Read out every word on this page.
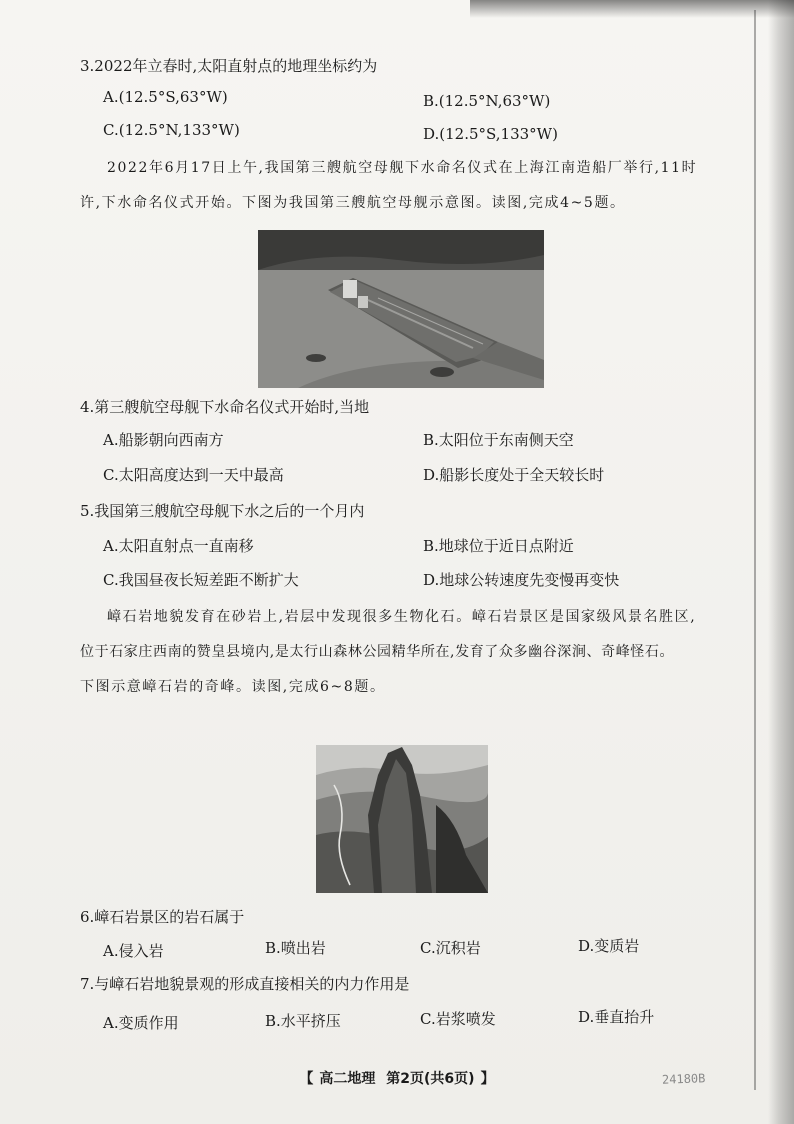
3.2022年立春时,太阳直射点的地理坐标约为
A.(12.5°S,63°W)	B.(12.5°N,63°W)
C.(12.5°N,133°W)	D.(12.5°S,133°W)
2022年6月17日上午,我国第三艘航空母舰下水命名仪式在上海江南造船厂举行,11时
许,下水命名仪式开始。下图为我国第三艘航空母舰示意图。读图,完成4~5题。
4.第三艘航空母舰下水命名仪式开始时,当地
A.船影朝向西南方	B.太阳位于东南侧天空
C.太阳高度达到一天中最高	D.船影长度处于全天较长时
5.我国第三艘航空母舰下水之后的一个月内
A.太阳直射点一直南移	B.地球位于近日点附近
C.我国昼夜长短差距不断扩大	D.地球公转速度先变慢再变快
嶂石岩地貌发育在砂岩上,岩层中发现很多生物化石。嶂石岩景区是国家级风景名胜区,
位于石家庄西南的赞皇县境内,是太行山森林公园精华所在,发育了众多幽谷深涧、奇峰怪石。
下图示意嶂石岩的奇峰。读图,完成6~8题。
6.嶂石岩景区的岩石属于
A.侵入岩	B.喷出岩	C.沉积岩	D.变质岩
7.与嶂石岩地貌景观的形成直接相关的内力作用是
A.变质作用	B.水平挤压	C.岩浆喷发	D.垂直抬升
【 高二地理 第2页(共6页) 】	24180B
